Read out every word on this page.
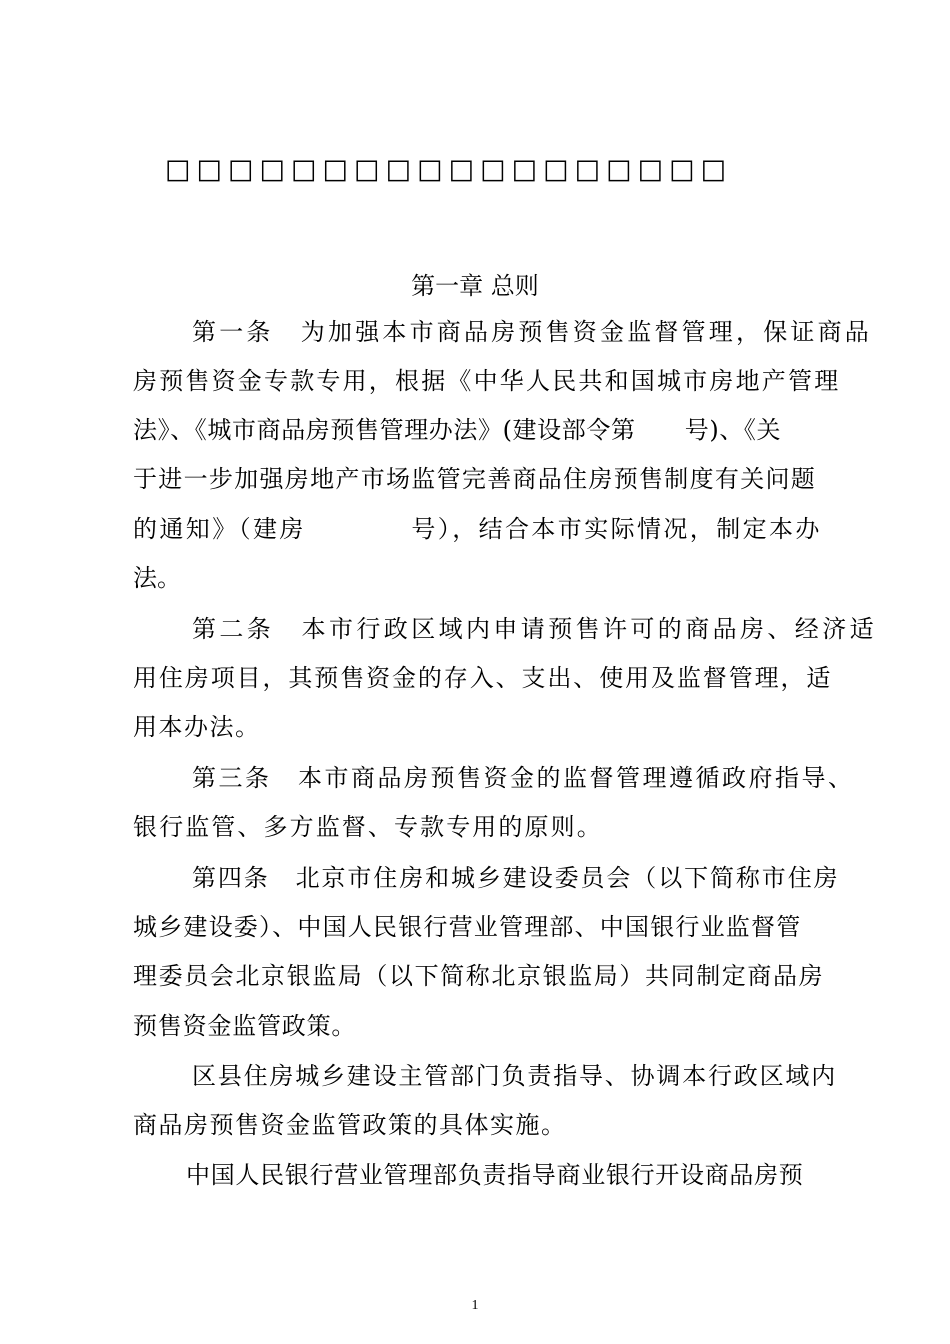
□□□□□□□□□□□□□□□□□□
第一章 总则
第一条　为加强本市商品房预售资金监督管理，保证商品
房预售资金专款专用，根据《中华人民共和国城市房地产管理
法》、《城市商品房预售管理办法》(建设部令第　　号)、《关
于进一步加强房地产市场监管完善商品住房预售制度有关问题
的通知》（建房　　　　号），结合本市实际情况，制定本办
法。
第二条　本市行政区域内申请预售许可的商品房、经济适
用住房项目，其预售资金的存入、支出、使用及监督管理，适
用本办法。
第三条　本市商品房预售资金的监督管理遵循政府指导、
银行监管、多方监督、专款专用的原则。
第四条　北京市住房和城乡建设委员会（以下简称市住房
城乡建设委）、中国人民银行营业管理部、中国银行业监督管
理委员会北京银监局（以下简称北京银监局）共同制定商品房
预售资金监管政策。
区县住房城乡建设主管部门负责指导、协调本行政区域内
商品房预售资金监管政策的具体实施。
中国人民银行营业管理部负责指导商业银行开设商品房预
1
